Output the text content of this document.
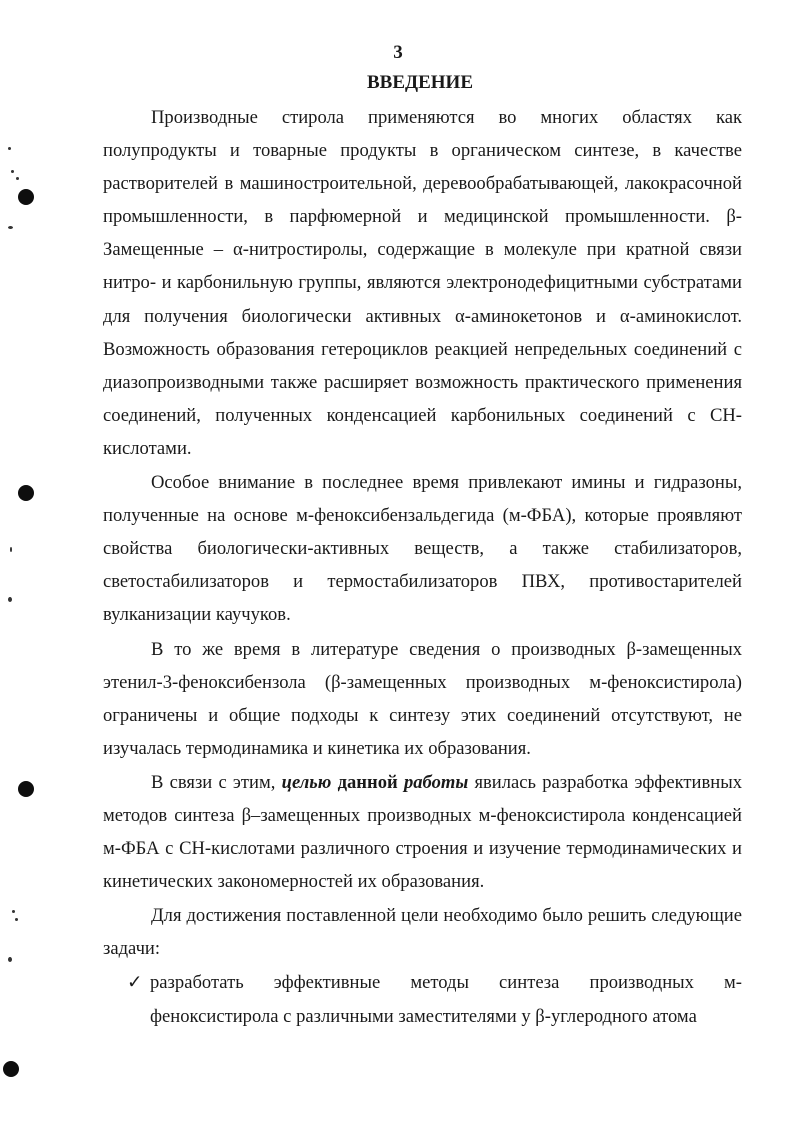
3
ВВЕДЕНИЕ

Производные стирола применяются во многих областях как полупродукты и товарные продукты в органическом синтезе, в качестве растворителей в машиностроительной, деревообрабатывающей, лакокрасочной промышленности, в парфюмерной и медицинской промышленности. β-Замещенные – α-нитростиролы, содержащие в молекуле при кратной связи нитро- и карбонильную группы, являются электронодефицитными субстратами для получения биологически активных α-аминокетонов и α-аминокислот. Возможность образования гетероциклов реакцией непредельных соединений с диазопроизводными также расширяет возможность практического применения соединений, полученных конденсацией карбонильных соединений с СН-кислотами.

Особое внимание в последнее время привлекают имины и гидразоны, полученные на основе м-феноксибензальдегида (м-ФБА), которые проявляют свойства биологически-активных веществ, а также стабилизаторов, светостабилизаторов и термостабилизаторов ПВХ, противостарителей вулканизации каучуков.

В то же время в литературе сведения о производных β-замещенных этенил-3-феноксибензола (β-замещенных производных м-феноксистирола) ограничены и общие подходы к синтезу этих соединений отсутствуют, не изучалась термодинамика и кинетика их образования.

В связи с этим, целью данной работы явилась разработка эффективных методов синтеза β–замещенных производных м-феноксистирола конденсацией м-ФБА с СН-кислотами различного строения и изучение термодинамических и кинетических закономерностей их образования.

Для достижения поставленной цели необходимо было решить следующие задачи:

✓ разработать эффективные методы синтеза производных м-феноксистирола с различными заместителями у β-углеродного атома
